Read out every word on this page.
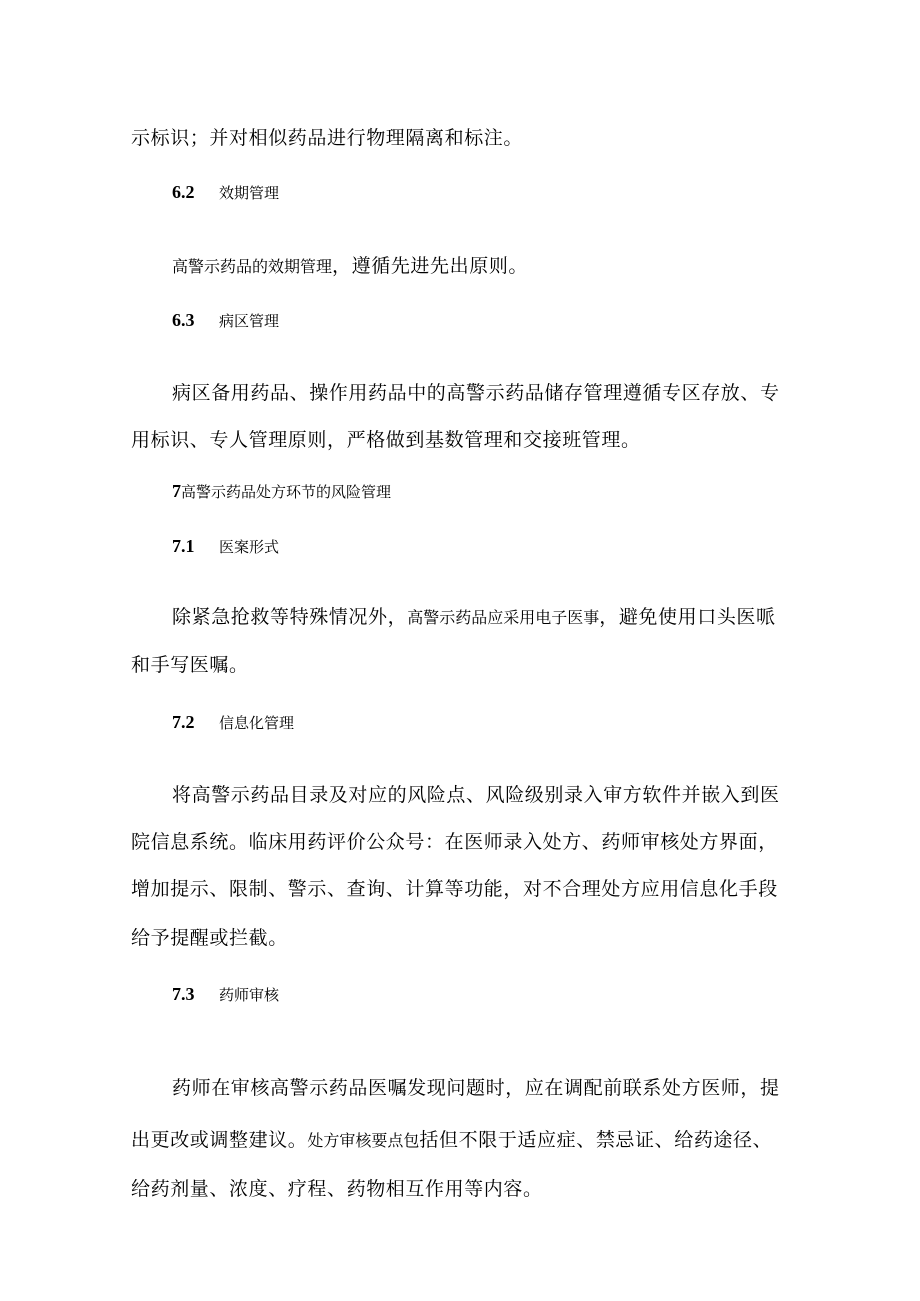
示标识；并对相似药品进行物理隔离和标注。
6.2 效期管理
高警示药品的效期管理，遵循先进先出原则。
6.3 病区管理
病区备用药品、操作用药品中的高警示药品储存管理遵循专区存放、专
用标识、专人管理原则，严格做到基数管理和交接班管理。
7高警示药品处方环节的风险管理
7.1 医案形式
除紧急抢救等特殊情况外，高警示药品应采用电子医事，避免使用口头医哌
和手写医嘱。
7.2 信息化管理
将高警示药品目录及对应的风险点、风险级别录入审方软件并嵌入到医
院信息系统。临床用药评价公众号：在医师录入处方、药师审核处方界面，
增加提示、限制、警示、查询、计算等功能，对不合理处方应用信息化手段
给予提醒或拦截。
7.3 药师审核
药师在审核高警示药品医嘱发现问题时，应在调配前联系处方医师，提
出更改或调整建议。处方审核要点包括但不限于适应症、禁忌证、给药途径、
给药剂量、浓度、疗程、药物相互作用等内容。
